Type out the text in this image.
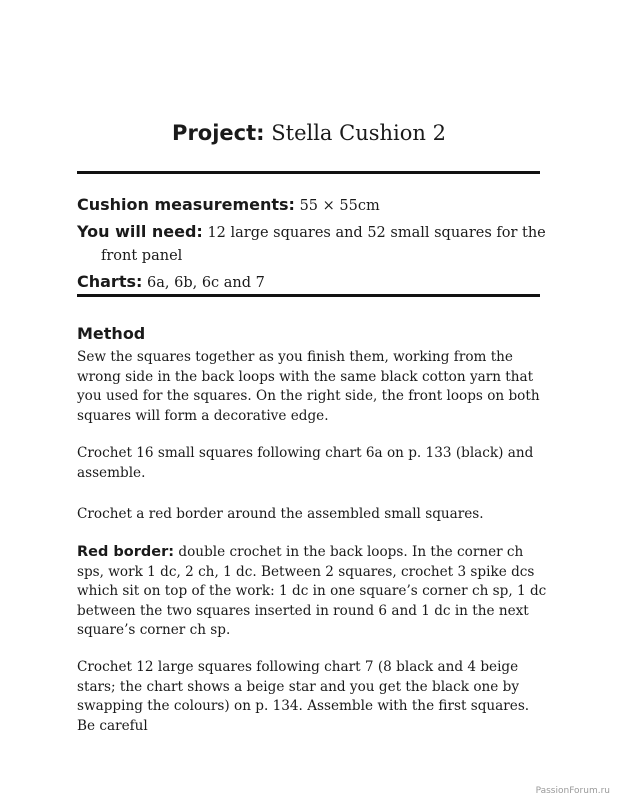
Project: Stella Cushion 2
Cushion measurements: 55 × 55cm
You will need: 12 large squares and 52 small squares for the front panel
Charts: 6a, 6b, 6c and 7
Method
Sew the squares together as you finish them, working from the wrong side in the back loops with the same black cotton yarn that you used for the squares. On the right side, the front loops on both squares will form a decorative edge.
Crochet 16 small squares following chart 6a on p. 133 (black) and assemble.
Crochet a red border around the assembled small squares.
Red border: double crochet in the back loops. In the corner ch sps, work 1 dc, 2 ch, 1 dc. Between 2 squares, crochet 3 spike dcs which sit on top of the work: 1 dc in one square’s corner ch sp, 1 dc between the two squares inserted in round 6 and 1 dc in the next square’s corner ch sp.
Crochet 12 large squares following chart 7 (8 black and 4 beige stars; the chart shows a beige star and you get the black one by swapping the colours) on p. 134. Assemble with the first squares. Be careful
PassionForum.ru
